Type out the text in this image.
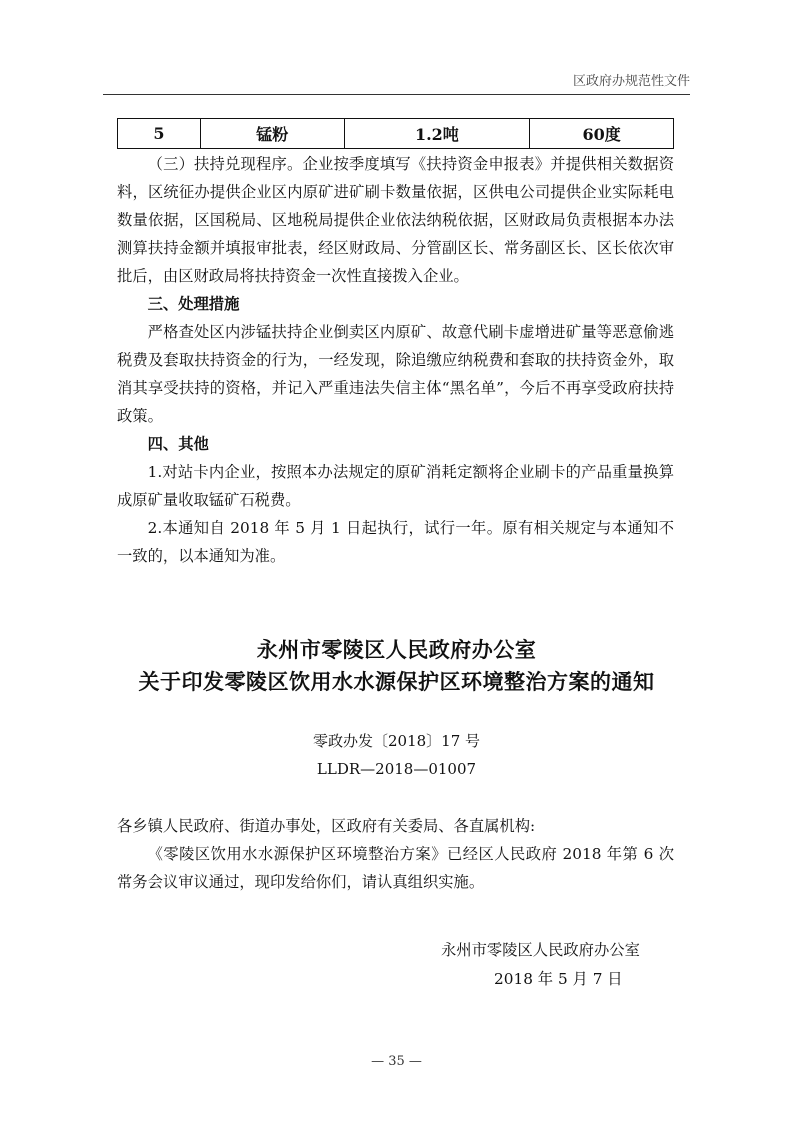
区政府办规范性文件
5	锰粉	1.2吨	60度

（三）扶持兑现程序。企业按季度填写《扶持资金申报表》并提供相关数据资料，区统征办提供企业区内原矿进矿刷卡数量依据，区供电公司提供企业实际耗电数量依据，区国税局、区地税局提供企业依法纳税依据，区财政局负责根据本办法测算扶持金额并填报审批表，经区财政局、分管副区长、常务副区长、区长依次审批后，由区财政局将扶持资金一次性直接拨入企业。

三、处理措施

严格查处区内涉锰扶持企业倒卖区内原矿、故意代刷卡虚增进矿量等恶意偷逃税费及套取扶持资金的行为，一经发现，除追缴应纳税费和套取的扶持资金外，取消其享受扶持的资格，并记入严重违法失信主体“黑名单”，今后不再享受政府扶持政策。

四、其他

1.对站卡内企业，按照本办法规定的原矿消耗定额将企业刷卡的产品重量换算成原矿量收取锰矿石税费。

2.本通知自 2018 年 5 月 1 日起执行，试行一年。原有相关规定与本通知不一致的，以本通知为准。

永州市零陵区人民政府办公室
关于印发零陵区饮用水水源保护区环境整治方案的通知
零政办发〔2018〕17 号
LLDR—2018—01007

各乡镇人民政府、街道办事处，区政府有关委局、各直属机构:

《零陵区饮用水水源保护区环境整治方案》已经区人民政府 2018 年第 6 次常务会议审议通过，现印发给你们，请认真组织实施。

永州市零陵区人民政府办公室
2018 年 5 月 7 日
— 35 —
